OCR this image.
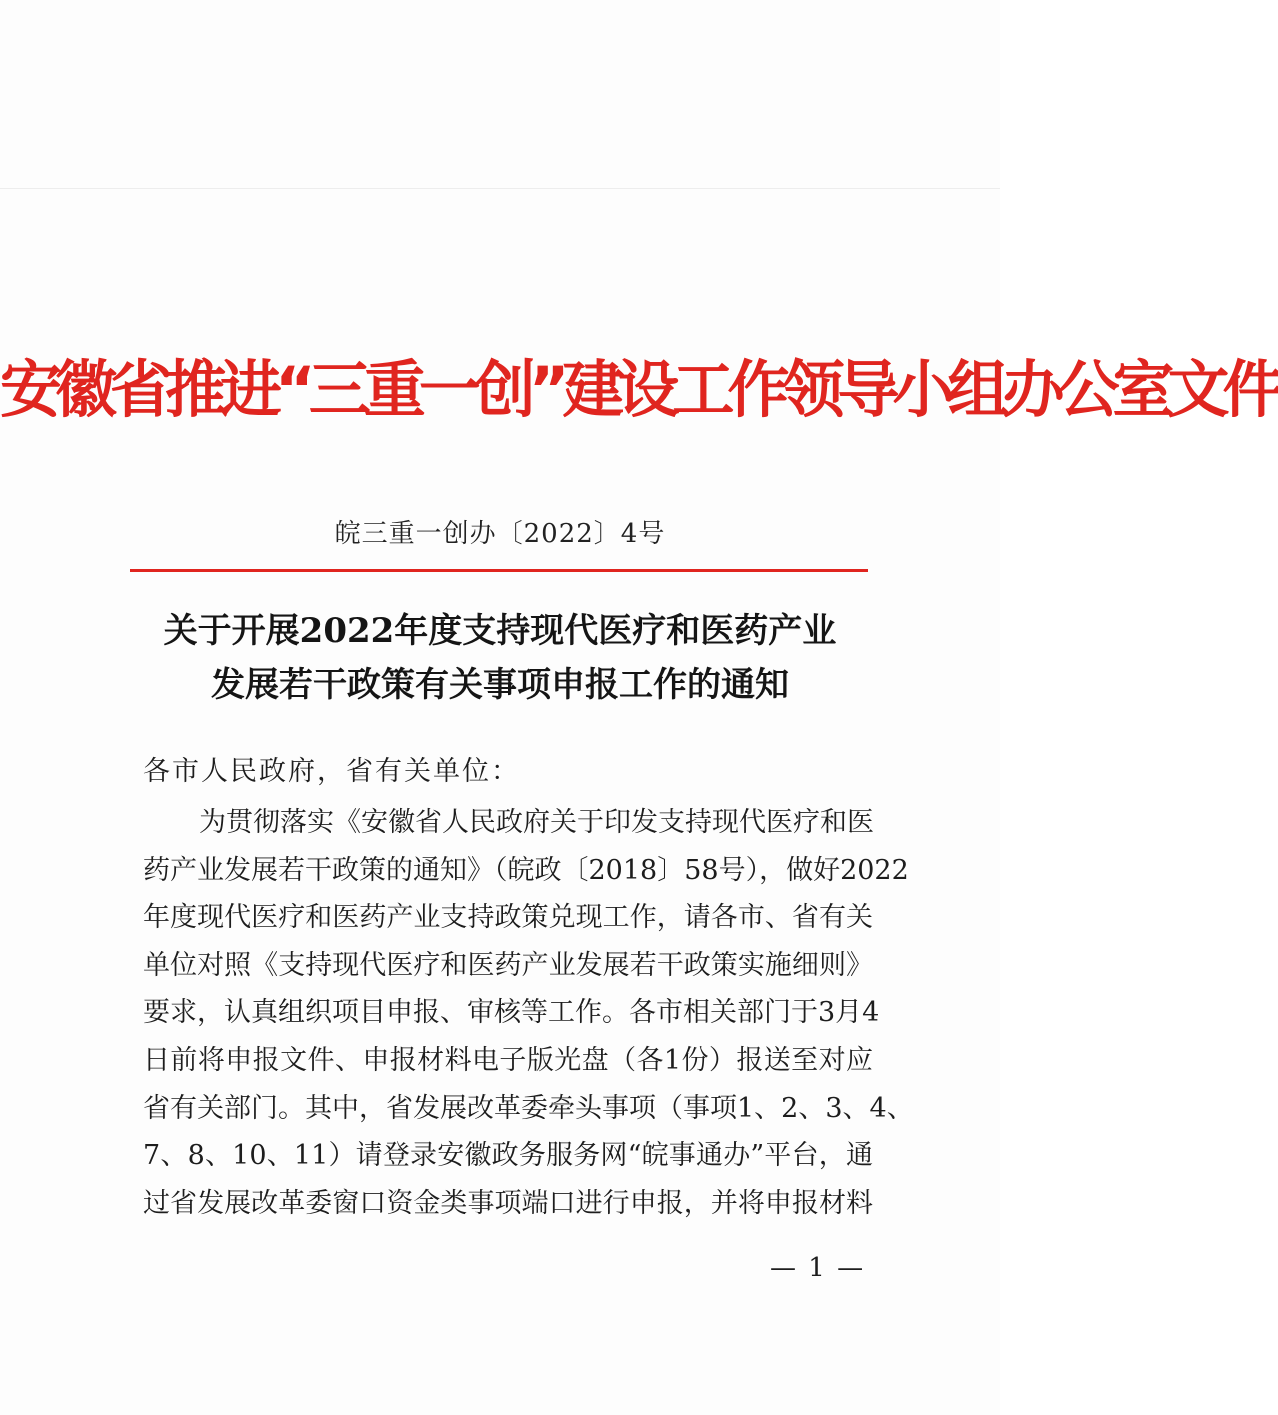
安徽省推进“三重一创”建设工作领导小组办公室文件
皖三重一创办〔2022〕4号
关于开展2022年度支持现代医疗和医药产业
发展若干政策有关事项申报工作的通知
各市人民政府，省有关单位：
为贯彻落实《安徽省人民政府关于印发支持现代医疗和医
药产业发展若干政策的通知》（皖政〔2018〕58号），做好2022
年度现代医疗和医药产业支持政策兑现工作，请各市、省有关
单位对照《支持现代医疗和医药产业发展若干政策实施细则》
要求，认真组织项目申报、审核等工作。各市相关部门于3月4
日前将申报文件、申报材料电子版光盘（各1份）报送至对应
省有关部门。其中，省发展改革委牵头事项（事项1、2、3、4、
7、8、10、11）请登录安徽政务服务网“皖事通办”平台，通
过省发展改革委窗口资金类事项端口进行申报，并将申报材料
— 1 —
